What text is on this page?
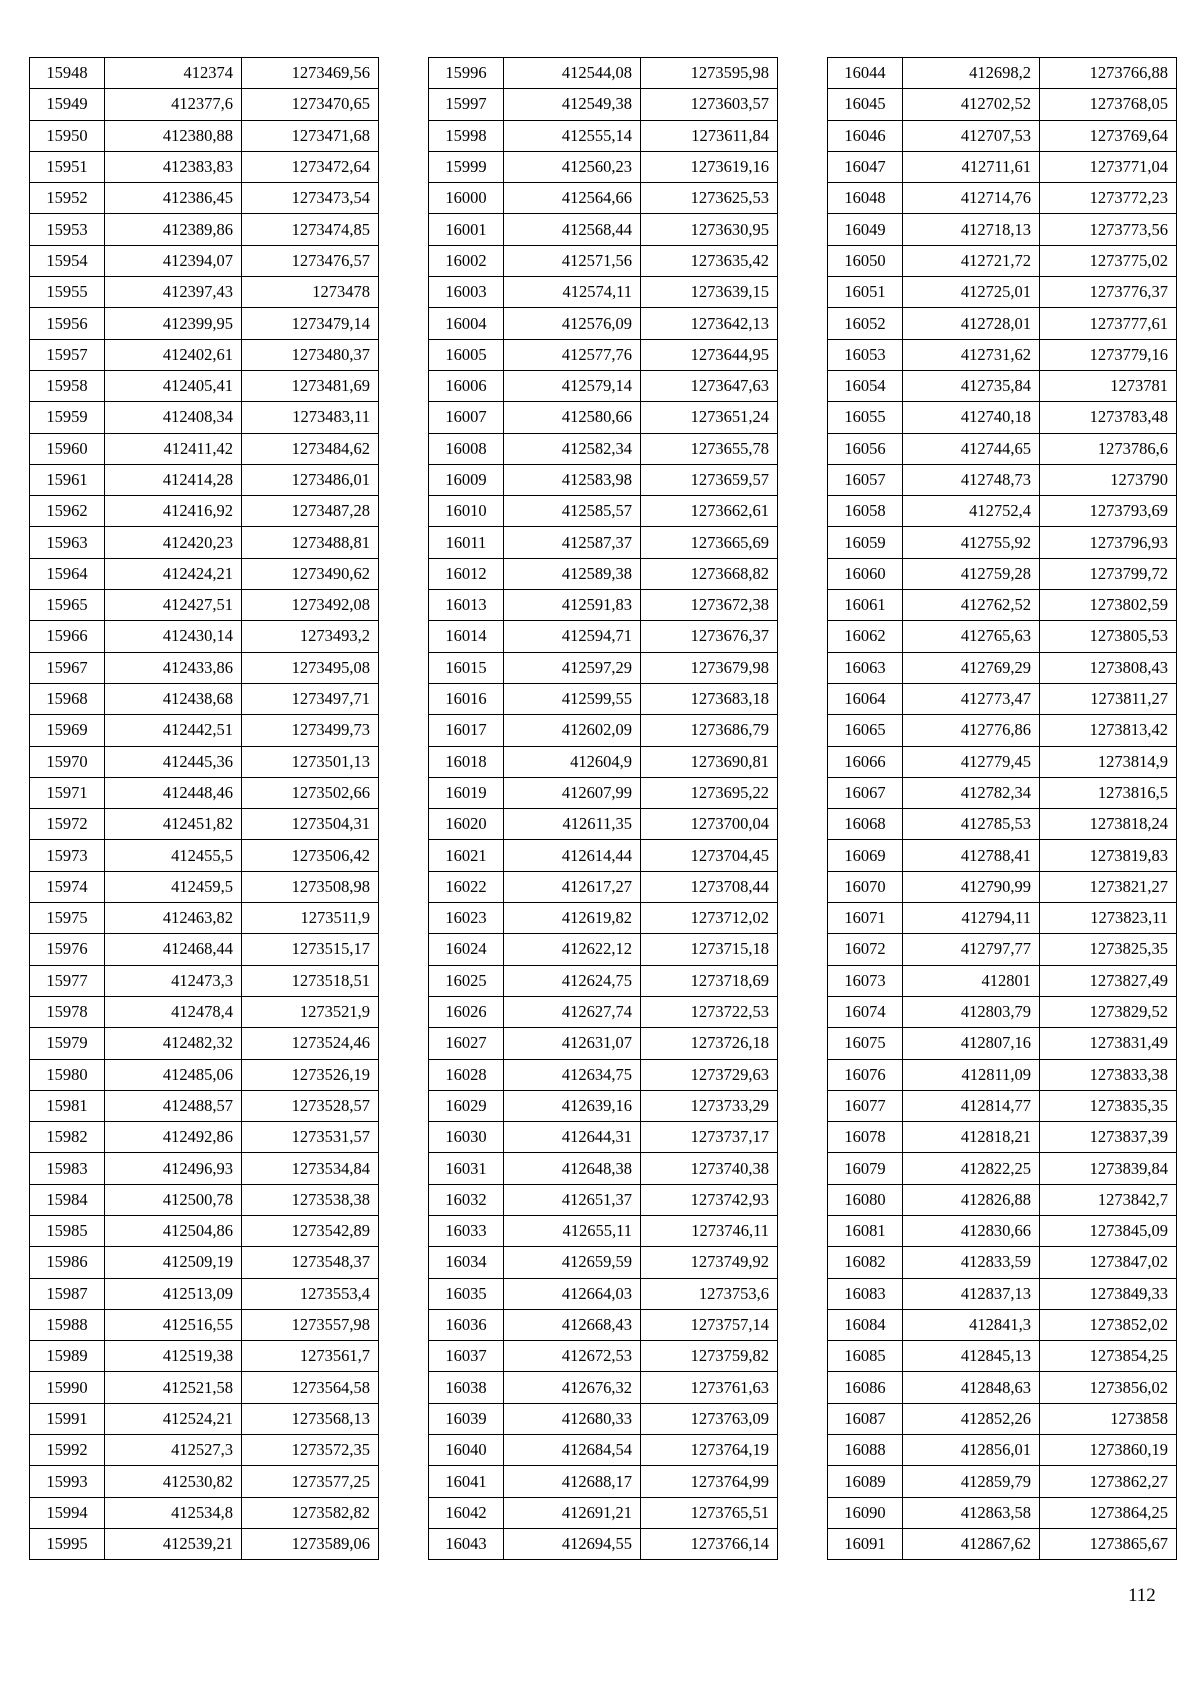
15948	412374	1273469,56
15949	412377,6	1273470,65
15950	412380,88	1273471,68
15951	412383,83	1273472,64
15952	412386,45	1273473,54
15953	412389,86	1273474,85
15954	412394,07	1273476,57
15955	412397,43	1273478
15956	412399,95	1273479,14
15957	412402,61	1273480,37
15958	412405,41	1273481,69
15959	412408,34	1273483,11
15960	412411,42	1273484,62
15961	412414,28	1273486,01
15962	412416,92	1273487,28
15963	412420,23	1273488,81
15964	412424,21	1273490,62
15965	412427,51	1273492,08
15966	412430,14	1273493,2
15967	412433,86	1273495,08
15968	412438,68	1273497,71
15969	412442,51	1273499,73
15970	412445,36	1273501,13
15971	412448,46	1273502,66
15972	412451,82	1273504,31
15973	412455,5	1273506,42
15974	412459,5	1273508,98
15975	412463,82	1273511,9
15976	412468,44	1273515,17
15977	412473,3	1273518,51
15978	412478,4	1273521,9
15979	412482,32	1273524,46
15980	412485,06	1273526,19
15981	412488,57	1273528,57
15982	412492,86	1273531,57
15983	412496,93	1273534,84
15984	412500,78	1273538,38
15985	412504,86	1273542,89
15986	412509,19	1273548,37
15987	412513,09	1273553,4
15988	412516,55	1273557,98
15989	412519,38	1273561,7
15990	412521,58	1273564,58
15991	412524,21	1273568,13
15992	412527,3	1273572,35
15993	412530,82	1273577,25
15994	412534,8	1273582,82
15995	412539,21	1273589,06
15996	412544,08	1273595,98
15997	412549,38	1273603,57
15998	412555,14	1273611,84
15999	412560,23	1273619,16
16000	412564,66	1273625,53
16001	412568,44	1273630,95
16002	412571,56	1273635,42
16003	412574,11	1273639,15
16004	412576,09	1273642,13
16005	412577,76	1273644,95
16006	412579,14	1273647,63
16007	412580,66	1273651,24
16008	412582,34	1273655,78
16009	412583,98	1273659,57
16010	412585,57	1273662,61
16011	412587,37	1273665,69
16012	412589,38	1273668,82
16013	412591,83	1273672,38
16014	412594,71	1273676,37
16015	412597,29	1273679,98
16016	412599,55	1273683,18
16017	412602,09	1273686,79
16018	412604,9	1273690,81
16019	412607,99	1273695,22
16020	412611,35	1273700,04
16021	412614,44	1273704,45
16022	412617,27	1273708,44
16023	412619,82	1273712,02
16024	412622,12	1273715,18
16025	412624,75	1273718,69
16026	412627,74	1273722,53
16027	412631,07	1273726,18
16028	412634,75	1273729,63
16029	412639,16	1273733,29
16030	412644,31	1273737,17
16031	412648,38	1273740,38
16032	412651,37	1273742,93
16033	412655,11	1273746,11
16034	412659,59	1273749,92
16035	412664,03	1273753,6
16036	412668,43	1273757,14
16037	412672,53	1273759,82
16038	412676,32	1273761,63
16039	412680,33	1273763,09
16040	412684,54	1273764,19
16041	412688,17	1273764,99
16042	412691,21	1273765,51
16043	412694,55	1273766,14
16044	412698,2	1273766,88
16045	412702,52	1273768,05
16046	412707,53	1273769,64
16047	412711,61	1273771,04
16048	412714,76	1273772,23
16049	412718,13	1273773,56
16050	412721,72	1273775,02
16051	412725,01	1273776,37
16052	412728,01	1273777,61
16053	412731,62	1273779,16
16054	412735,84	1273781
16055	412740,18	1273783,48
16056	412744,65	1273786,6
16057	412748,73	1273790
16058	412752,4	1273793,69
16059	412755,92	1273796,93
16060	412759,28	1273799,72
16061	412762,52	1273802,59
16062	412765,63	1273805,53
16063	412769,29	1273808,43
16064	412773,47	1273811,27
16065	412776,86	1273813,42
16066	412779,45	1273814,9
16067	412782,34	1273816,5
16068	412785,53	1273818,24
16069	412788,41	1273819,83
16070	412790,99	1273821,27
16071	412794,11	1273823,11
16072	412797,77	1273825,35
16073	412801	1273827,49
16074	412803,79	1273829,52
16075	412807,16	1273831,49
16076	412811,09	1273833,38
16077	412814,77	1273835,35
16078	412818,21	1273837,39
16079	412822,25	1273839,84
16080	412826,88	1273842,7
16081	412830,66	1273845,09
16082	412833,59	1273847,02
16083	412837,13	1273849,33
16084	412841,3	1273852,02
16085	412845,13	1273854,25
16086	412848,63	1273856,02
16087	412852,26	1273858
16088	412856,01	1273860,19
16089	412859,79	1273862,27
16090	412863,58	1273864,25
16091	412867,62	1273865,67
112
